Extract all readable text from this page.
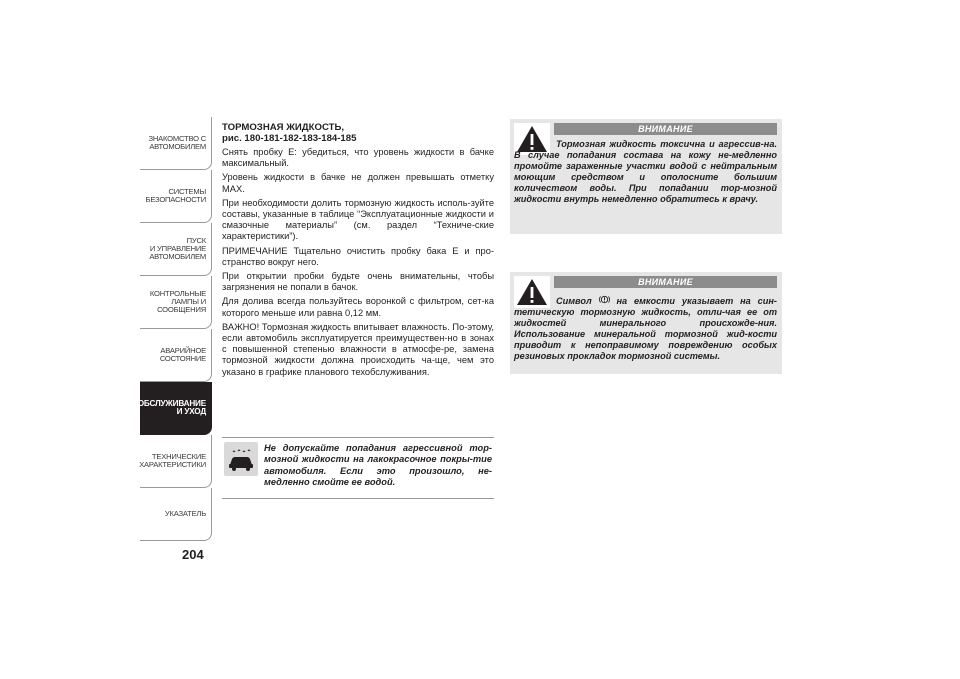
ЗНАКОМСТВО С
АВТОМОБИЛЕМ
СИСТЕМЫ
БЕЗОПАСНОСТИ
ПУСК
И УПРАВЛЕНИЕ
АВТОМОБИЛЕМ
КОНТРОЛЬНЫЕ
ЛАМПЫ И
СООБЩЕНИЯ
АВАРИЙНОЕ
СОСТОЯНИЕ
ТЕХОБСЛУЖИВАНИЕ
И УХОД
ТЕХНИЧЕСКИЕ
ХАРАКТЕРИСТИКИ
УКАЗАТЕЛЬ
204
ТОРМОЗНАЯ ЖИДКОСТЬ,
рис. 180-181-182-183-184-185

Снять пробку E: убедиться, что уровень жидкости в бачке максимальный.

Уровень жидкости в бачке не должен превышать отметку MAX.

При необходимости долить тормозную жидкость исполь-зуйте составы, указанные в таблице “Эксплуатационные жидкости и смазочные материалы” (см. раздел “Техниче-ские характеристики”).

ПРИМЕЧАНИЕ Тщательно очистить пробку бака E и про-странство вокруг него.

При открытии пробки будьте очень внимательны, чтобы загрязнения не попали в бачок.

Для долива всегда пользуйтесь воронкой с фильтром, сет-ка которого меньше или равна 0,12 мм.

ВАЖНО! Тормозная жидкость впитывает влажность. По-этому, если автомобиль эксплуатируется преимуществен-но в зонах с повышенной степенью влажности в атмосфе-ре, замена тормозной жидкости должна происходить ча-ще, чем это указано в графике планового техобслуживания.

Не допускайте попадания агрессивной тор-мозной жидкости на лакокрасочное покры-тие автомобиля. Если это произошло, не-медленно смойте ее водой.
ВНИМАНИЕ
Тормозная жидкость токсична и агрессив-на. В случае попадания состава на кожу не-медленно промойте зараженные участки водой с нейтральным моющим средством и ополосните большим количеством воды. При попадании тор-мозной жидкости внутрь немедленно обратитесь к врачу.
ВНИМАНИЕ
Символ	на емкости указывает на син-тетическую тормозную жидкость, отли-чая ее от жидкостей минерального происхожде-ния. Использование минеральной тормозной жид-кости приводит к непоправимому повреждению особых резиновых прокладок тормозной системы.
